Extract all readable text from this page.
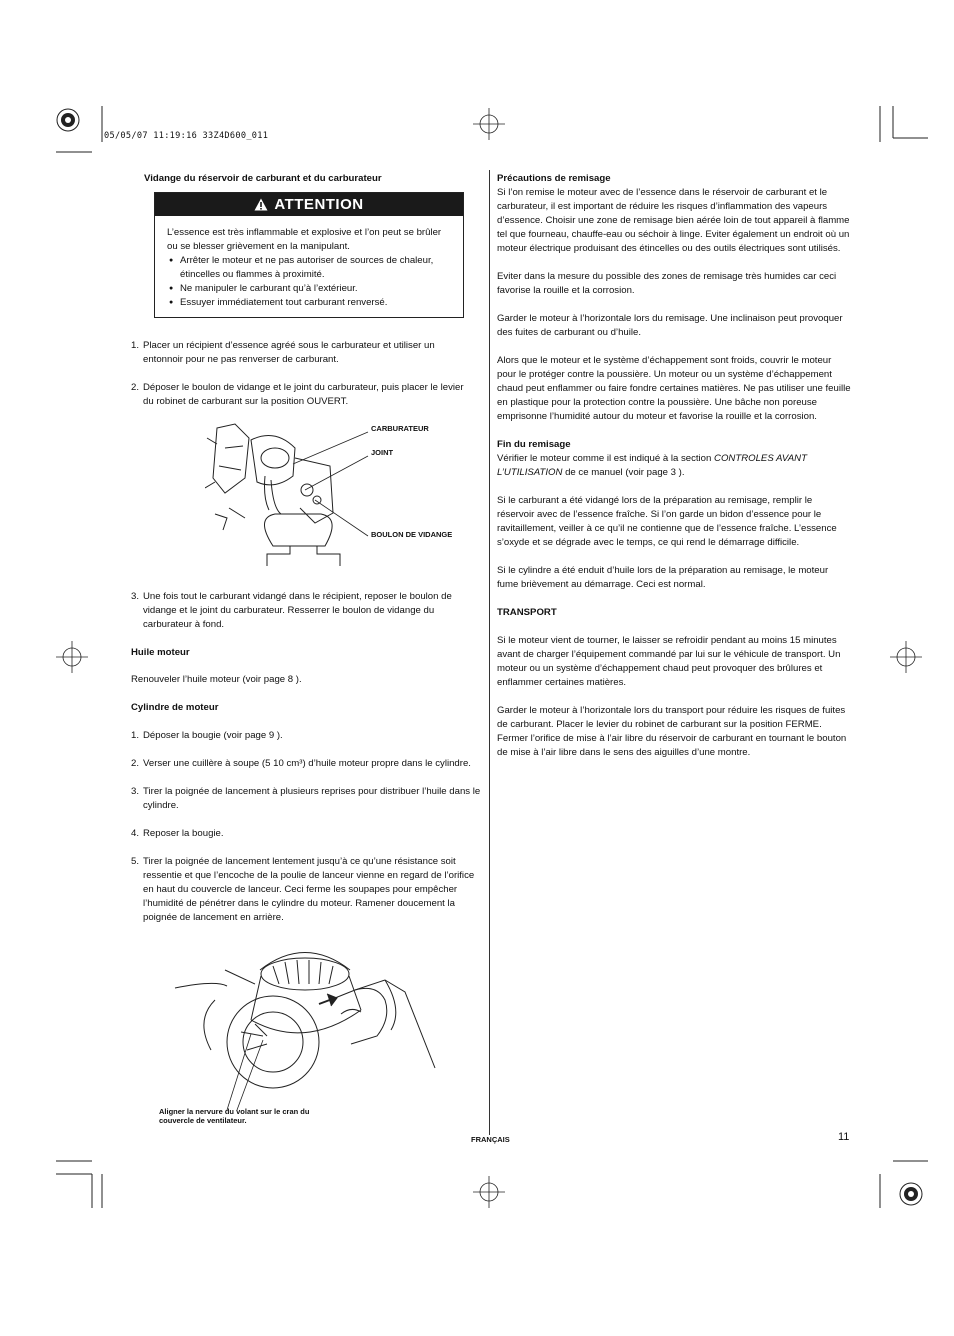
05/05/07 11:19:16 33Z4D600_011
Vidange du réservoir de carburant et du carburateur
ATTENTION

L’essence est très inflammable et explosive et l’on peut se brûler ou se blesser grièvement en la manipulant.

● Arrêter le moteur et ne pas autoriser de sources de chaleur, étincelles ou flammes à proximité.
● Ne manipuler le carburant qu’à l’extérieur.
● Essuyer immédiatement tout carburant renversé.
1. Placer un récipient d’essence agréé sous le carburateur et utiliser un entonnoir pour ne pas renverser de carburant.
2. Déposer le boulon de vidange et le joint du carburateur, puis placer le levier du robinet de carburant sur la position OUVERT.
CARBURATEUR
JOINT
BOULON DE VIDANGE
3. Une fois tout le carburant vidangé dans le récipient, reposer le boulon de vidange et le joint du carburateur. Resserrer le boulon de vidange du carburateur à fond.
Huile moteur
Renouveler l’huile moteur (voir page 8 ).
Cylindre de moteur
1. Déposer la bougie (voir page 9 ).
2. Verser une cuillère à soupe (5 10 cm³) d’huile moteur propre dans le cylindre.
3. Tirer la poignée de lancement à plusieurs reprises pour distribuer l’huile dans le cylindre.
4. Reposer la bougie.
5. Tirer la poignée de lancement lentement jusqu’à ce qu’une résistance soit ressentie et que l’encoche de la poulie de lanceur vienne en regard de l’orifice en haut du couvercle de lanceur. Ceci ferme les soupapes pour empêcher l’humidité de pénétrer dans le cylindre du moteur. Ramener doucement la poignée de lancement en arrière.
Aligner la nervure du volant sur le cran du couvercle de ventilateur.

Précautions de remisage

Si l’on remise le moteur avec de l’essence dans le réservoir de carburant et le carburateur, il est important de réduire les risques d’inflammation des vapeurs d’essence. Choisir une zone de remisage bien aérée loin de tout appareil à flamme tel que fourneau, chauffe-eau ou séchoir à linge. Eviter également un endroit où un moteur électrique produisant des étincelles ou des outils électriques sont utilisés.

Eviter dans la mesure du possible des zones de remisage très humides car ceci favorise la rouille et la corrosion.

Garder le moteur à l’horizontale lors du remisage. Une inclinaison peut provoquer des fuites de carburant ou d’huile.

Alors que le moteur et le système d’échappement sont froids, couvrir le moteur pour le protéger contre la poussière. Un moteur ou un système d’échappement chaud peut enflammer ou faire fondre certaines matières. Ne pas utiliser une feuille en plastique pour la protection contre la poussière. Une bâche non poreuse emprisonne l’humidité autour du moteur et favorise la rouille et la corrosion.

Fin du remisage

Vérifier le moteur comme il est indiqué à la section CONTROLES AVANT L’UTILISATION de ce manuel (voir page 3 ).

Si le carburant a été vidangé lors de la préparation au remisage, remplir le réservoir avec de l’essence fraîche. Si l’on garde un bidon d’essence pour le ravitaillement, veiller à ce qu’il ne contienne que de l’essence fraîche. L’essence s’oxyde et se dégrade avec le temps, ce qui rend le démarrage difficile.

Si le cylindre a été enduit d’huile lors de la préparation au remisage, le moteur fume brièvement au démarrage. Ceci est normal.

TRANSPORT

Si le moteur vient de tourner, le laisser se refroidir pendant au moins 15 minutes avant de charger l’équipement commandé par lui sur le véhicule de transport. Un moteur ou un système d’échappement chaud peut provoquer des brûlures et enflammer certaines matières.

Garder le moteur à l’horizontale lors du transport pour réduire les risques de fuites de carburant. Placer le levier du robinet de carburant sur la position FERME. Fermer l’orifice de mise à l’air libre du réservoir de carburant en tournant le bouton de mise à l’air libre dans le sens des aiguilles d’une montre.

FRANÇAIS	11
